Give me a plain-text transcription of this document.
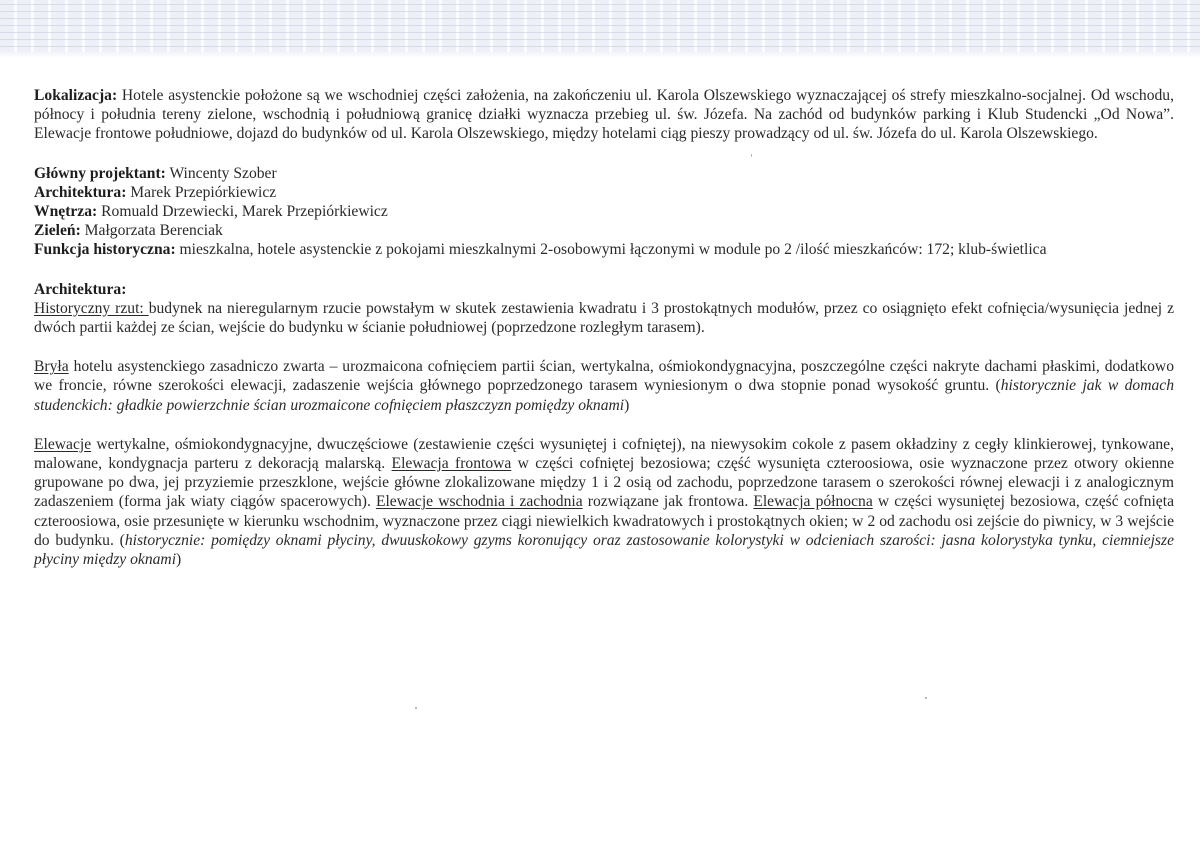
Lokalizacja: Hotele asystenckie położone są we wschodniej części założenia, na zakończeniu ul. Karola Olszewskiego wyznaczającej oś strefy mieszkalno-socjalnej. Od wschodu, północy i południa tereny zielone, wschodnią i południową granicę działki wyznacza przebieg ul. św. Józefa. Na zachód od budynków parking i Klub Studencki „Od Nowa”. Elewacje frontowe południowe, dojazd do budynków od ul. Karola Olszewskiego, między hotelami ciąg pieszy prowadzący od ul. św. Józefa do ul. Karola Olszewskiego.

Główny projektant: Wincenty Szober
Architektura: Marek Przepiórkiewicz
Wnętrza: Romuald Drzewiecki, Marek Przepiórkiewicz
Zieleń: Małgorzata Berenciak
Funkcja historyczna: mieszkalna, hotele asystenckie z pokojami mieszkalnymi 2-osobowymi łączonymi w module po 2 /ilość mieszkańców: 172; klub-świetlica
Architektura:

Historyczny rzut: budynek na nieregularnym rzucie powstałym w skutek zestawienia kwadratu i 3 prostokątnych modułów, przez co osiągnięto efekt cofnięcia/wysunięcia jednej z dwóch partii każdej ze ścian, wejście do budynku w ścianie południowej (poprzedzone rozległym tarasem).

Bryła hotelu asystenckiego zasadniczo zwarta – urozmaicona cofnięciem partii ścian, wertykalna, ośmiokondygnacyjna, poszczególne części nakryte dachami płaskimi, dodatkowo we froncie, równe szerokości elewacji, zadaszenie wejścia głównego poprzedzonego tarasem wyniesionym o dwa stopnie ponad wysokość gruntu. (historycznie jak w domach studenckich: gładkie powierzchnie ścian urozmaicone cofnięciem płaszczyzn pomiędzy oknami)

Elewacje wertykalne, ośmiokondygnacyjne, dwuczęściowe (zestawienie części wysuniętej i cofniętej), na niewysokim cokole z pasem okładziny z cegły klinkierowej, tynkowane, malowane, kondygnacja parteru z dekoracją malarską. Elewacja frontowa w części cofniętej bezosiowa; część wysunięta czteroosiowa, osie wyznaczone przez otwory okienne grupowane po dwa, jej przyziemie przeszklone, wejście główne zlokalizowane między 1 i 2 osią od zachodu, poprzedzone tarasem o szerokości równej elewacji i z analogicznym zadaszeniem (forma jak wiaty ciągów spacerowych). Elewacje wschodnia i zachodnia rozwiązane jak frontowa. Elewacja północna w części wysuniętej bezosiowa, część cofnięta czteroosiowa, osie przesunięte w kierunku wschodnim, wyznaczone przez ciągi niewielkich kwadratowych i prostokątnych okien; w 2 od zachodu osi zejście do piwnicy, w 3 wejście do budynku. (historycznie: pomiędzy oknami płyciny, dwuuskokowy gzyms koronujący oraz zastosowanie kolorystyki w odcieniach szarości: jasna kolorystyka tynku, ciemniejsze płyciny między oknami)
